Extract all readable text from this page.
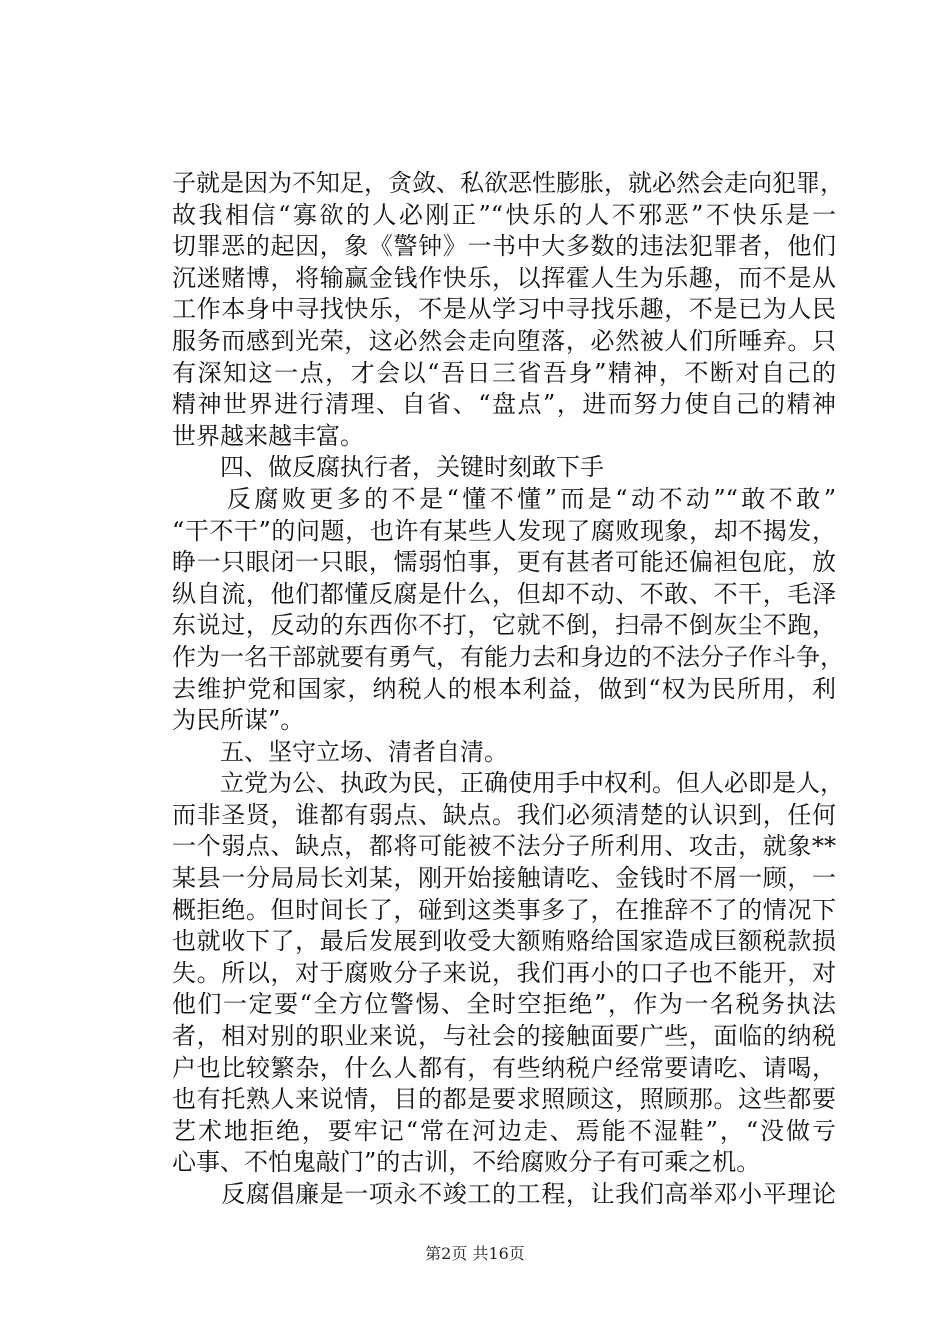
子就是因为不知足，贪敛、私欲恶性膨胀，就必然会走向犯罪，
故我相信“寡欲的人必刚正”“快乐的人不邪恶”不快乐是一
切罪恶的起因，象《警钟》一书中大多数的违法犯罪者，他们
沉迷赌博，将输赢金钱作快乐，以挥霍人生为乐趣，而不是从
工作本身中寻找快乐，不是从学习中寻找乐趣，不是已为人民
服务而感到光荣，这必然会走向堕落，必然被人们所唾弃。只
有深知这一点，才会以“吾日三省吾身”精神，不断对自己的
精神世界进行清理、自省、“盘点”，进而努力使自己的精神
世界越来越丰富。
　　四、做反腐执行者，关键时刻敢下手
　　反腐败更多的不是“懂不懂”而是“动不动”“敢不敢”
“干不干”的问题，也许有某些人发现了腐败现象，却不揭发，
睁一只眼闭一只眼，懦弱怕事，更有甚者可能还偏袒包庇，放
纵自流，他们都懂反腐是什么，但却不动、不敢、不干，毛泽
东说过，反动的东西你不打，它就不倒，扫帚不倒灰尘不跑，
作为一名干部就要有勇气，有能力去和身边的不法分子作斗争，
去维护党和国家，纳税人的根本利益，做到“权为民所用，利
为民所谋”。
　　五、坚守立场、清者自清。
　　立党为公、执政为民，正确使用手中权利。但人必即是人，
而非圣贤，谁都有弱点、缺点。我们必须清楚的认识到，任何
一个弱点、缺点，都将可能被不法分子所利用、攻击，就象**
某县一分局局长刘某，刚开始接触请吃、金钱时不屑一顾，一
概拒绝。但时间长了，碰到这类事多了，在推辞不了的情况下
也就收下了，最后发展到收受大额贿赂给国家造成巨额税款损
失。所以，对于腐败分子来说，我们再小的口子也不能开，对
他们一定要“全方位警惕、全时空拒绝”，作为一名税务执法
者，相对别的职业来说，与社会的接触面要广些，面临的纳税
户也比较繁杂，什么人都有，有些纳税户经常要请吃、请喝，
也有托熟人来说情，目的都是要求照顾这，照顾那。这些都要
艺术地拒绝，要牢记“常在河边走、焉能不湿鞋”，“没做亏
心事、不怕鬼敲门”的古训，不给腐败分子有可乘之机。
　　反腐倡廉是一项永不竣工的工程，让我们高举邓小平理论
第2页 共16页
